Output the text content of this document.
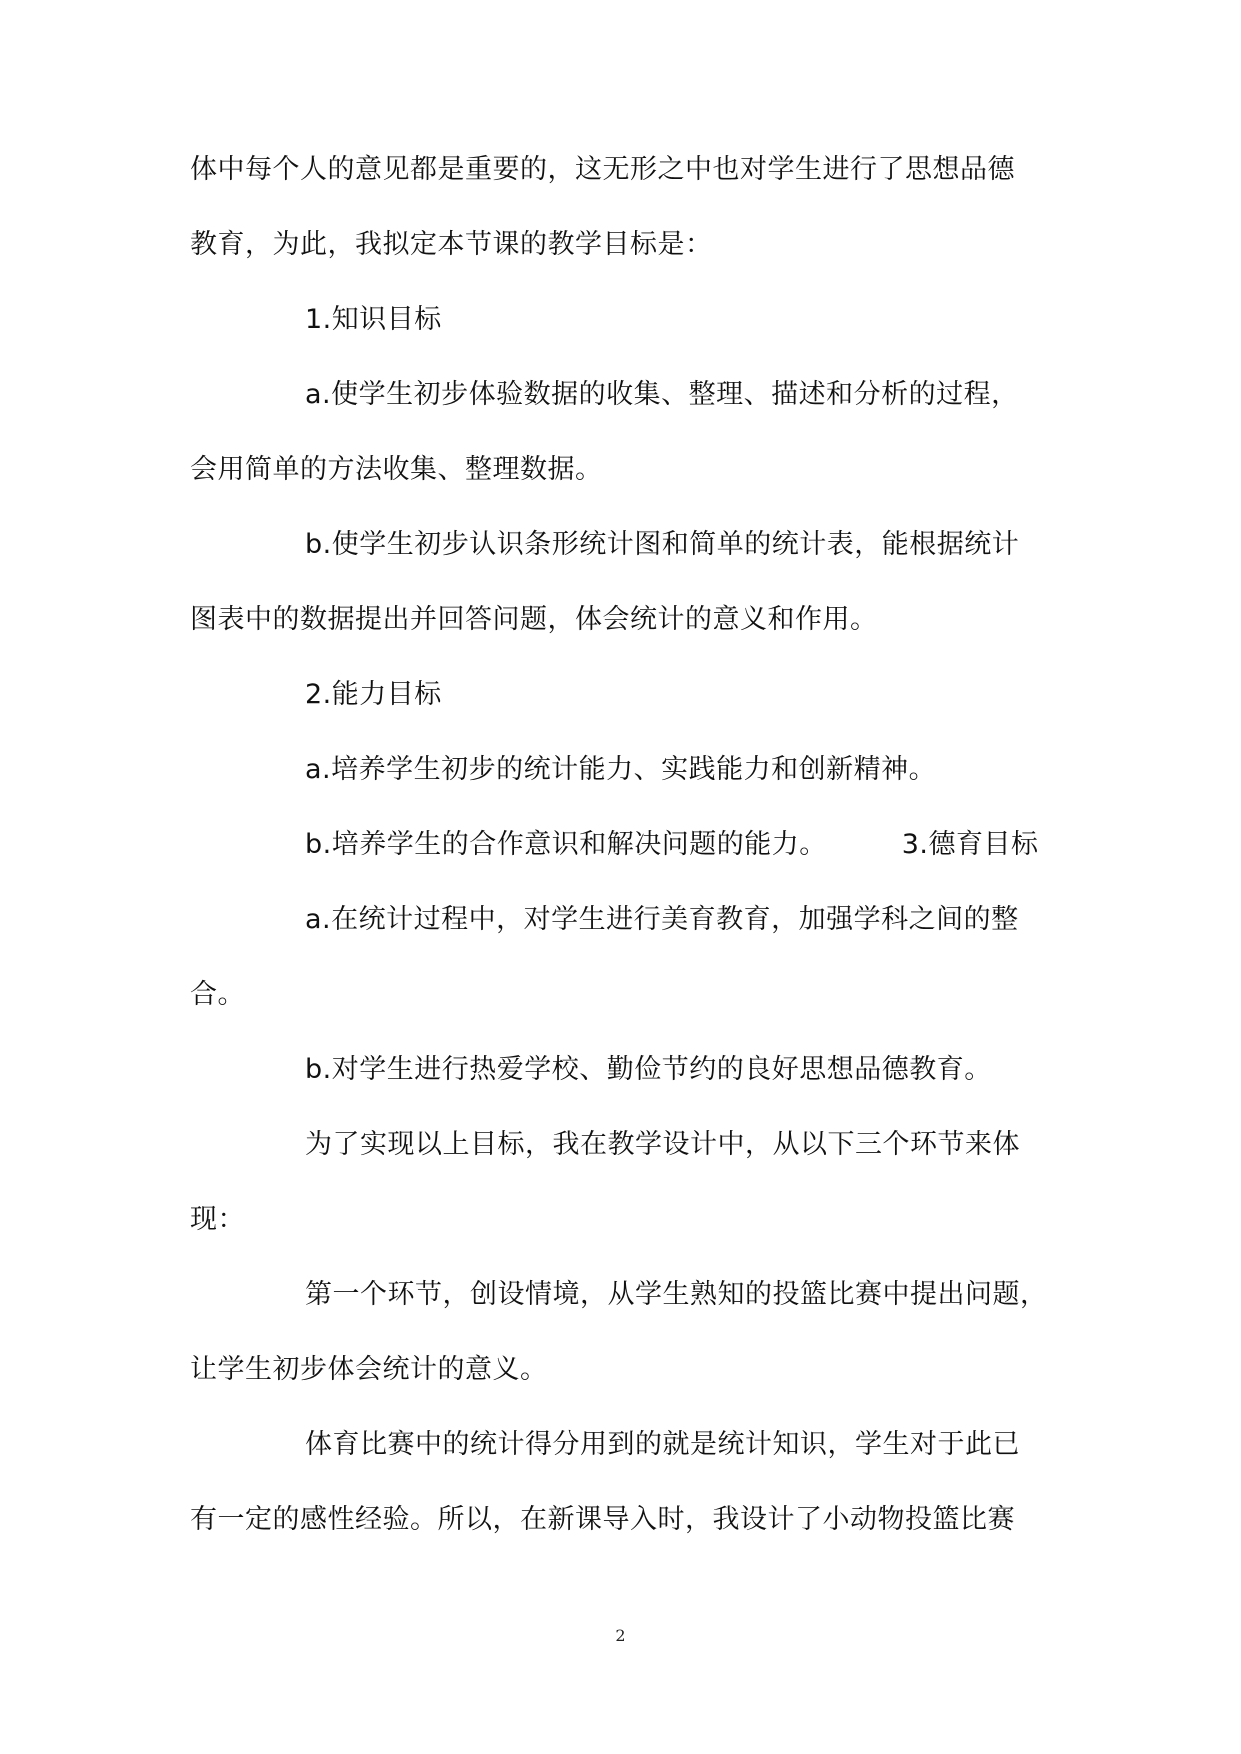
体中每个人的意见都是重要的，这无形之中也对学生进行了思想品德
教育，为此，我拟定本节课的教学目标是：
1.知识目标
a.使学生初步体验数据的收集、整理、描述和分析的过程，
会用简单的方法收集、整理数据。
b.使学生初步认识条形统计图和简单的统计表，能根据统计
图表中的数据提出并回答问题，体会统计的意义和作用。
2.能力目标
a.培养学生初步的统计能力、实践能力和创新精神。
b.培养学生的合作意识和解决问题的能力。	3.德育目标
a.在统计过程中，对学生进行美育教育，加强学科之间的整
合。
b.对学生进行热爱学校、勤俭节约的良好思想品德教育。
为了实现以上目标，我在教学设计中，从以下三个环节来体
现：
第一个环节，创设情境，从学生熟知的投篮比赛中提出问题，
让学生初步体会统计的意义。
体育比赛中的统计得分用到的就是统计知识，学生对于此已
有一定的感性经验。所以，在新课导入时，我设计了小动物投篮比赛
2
